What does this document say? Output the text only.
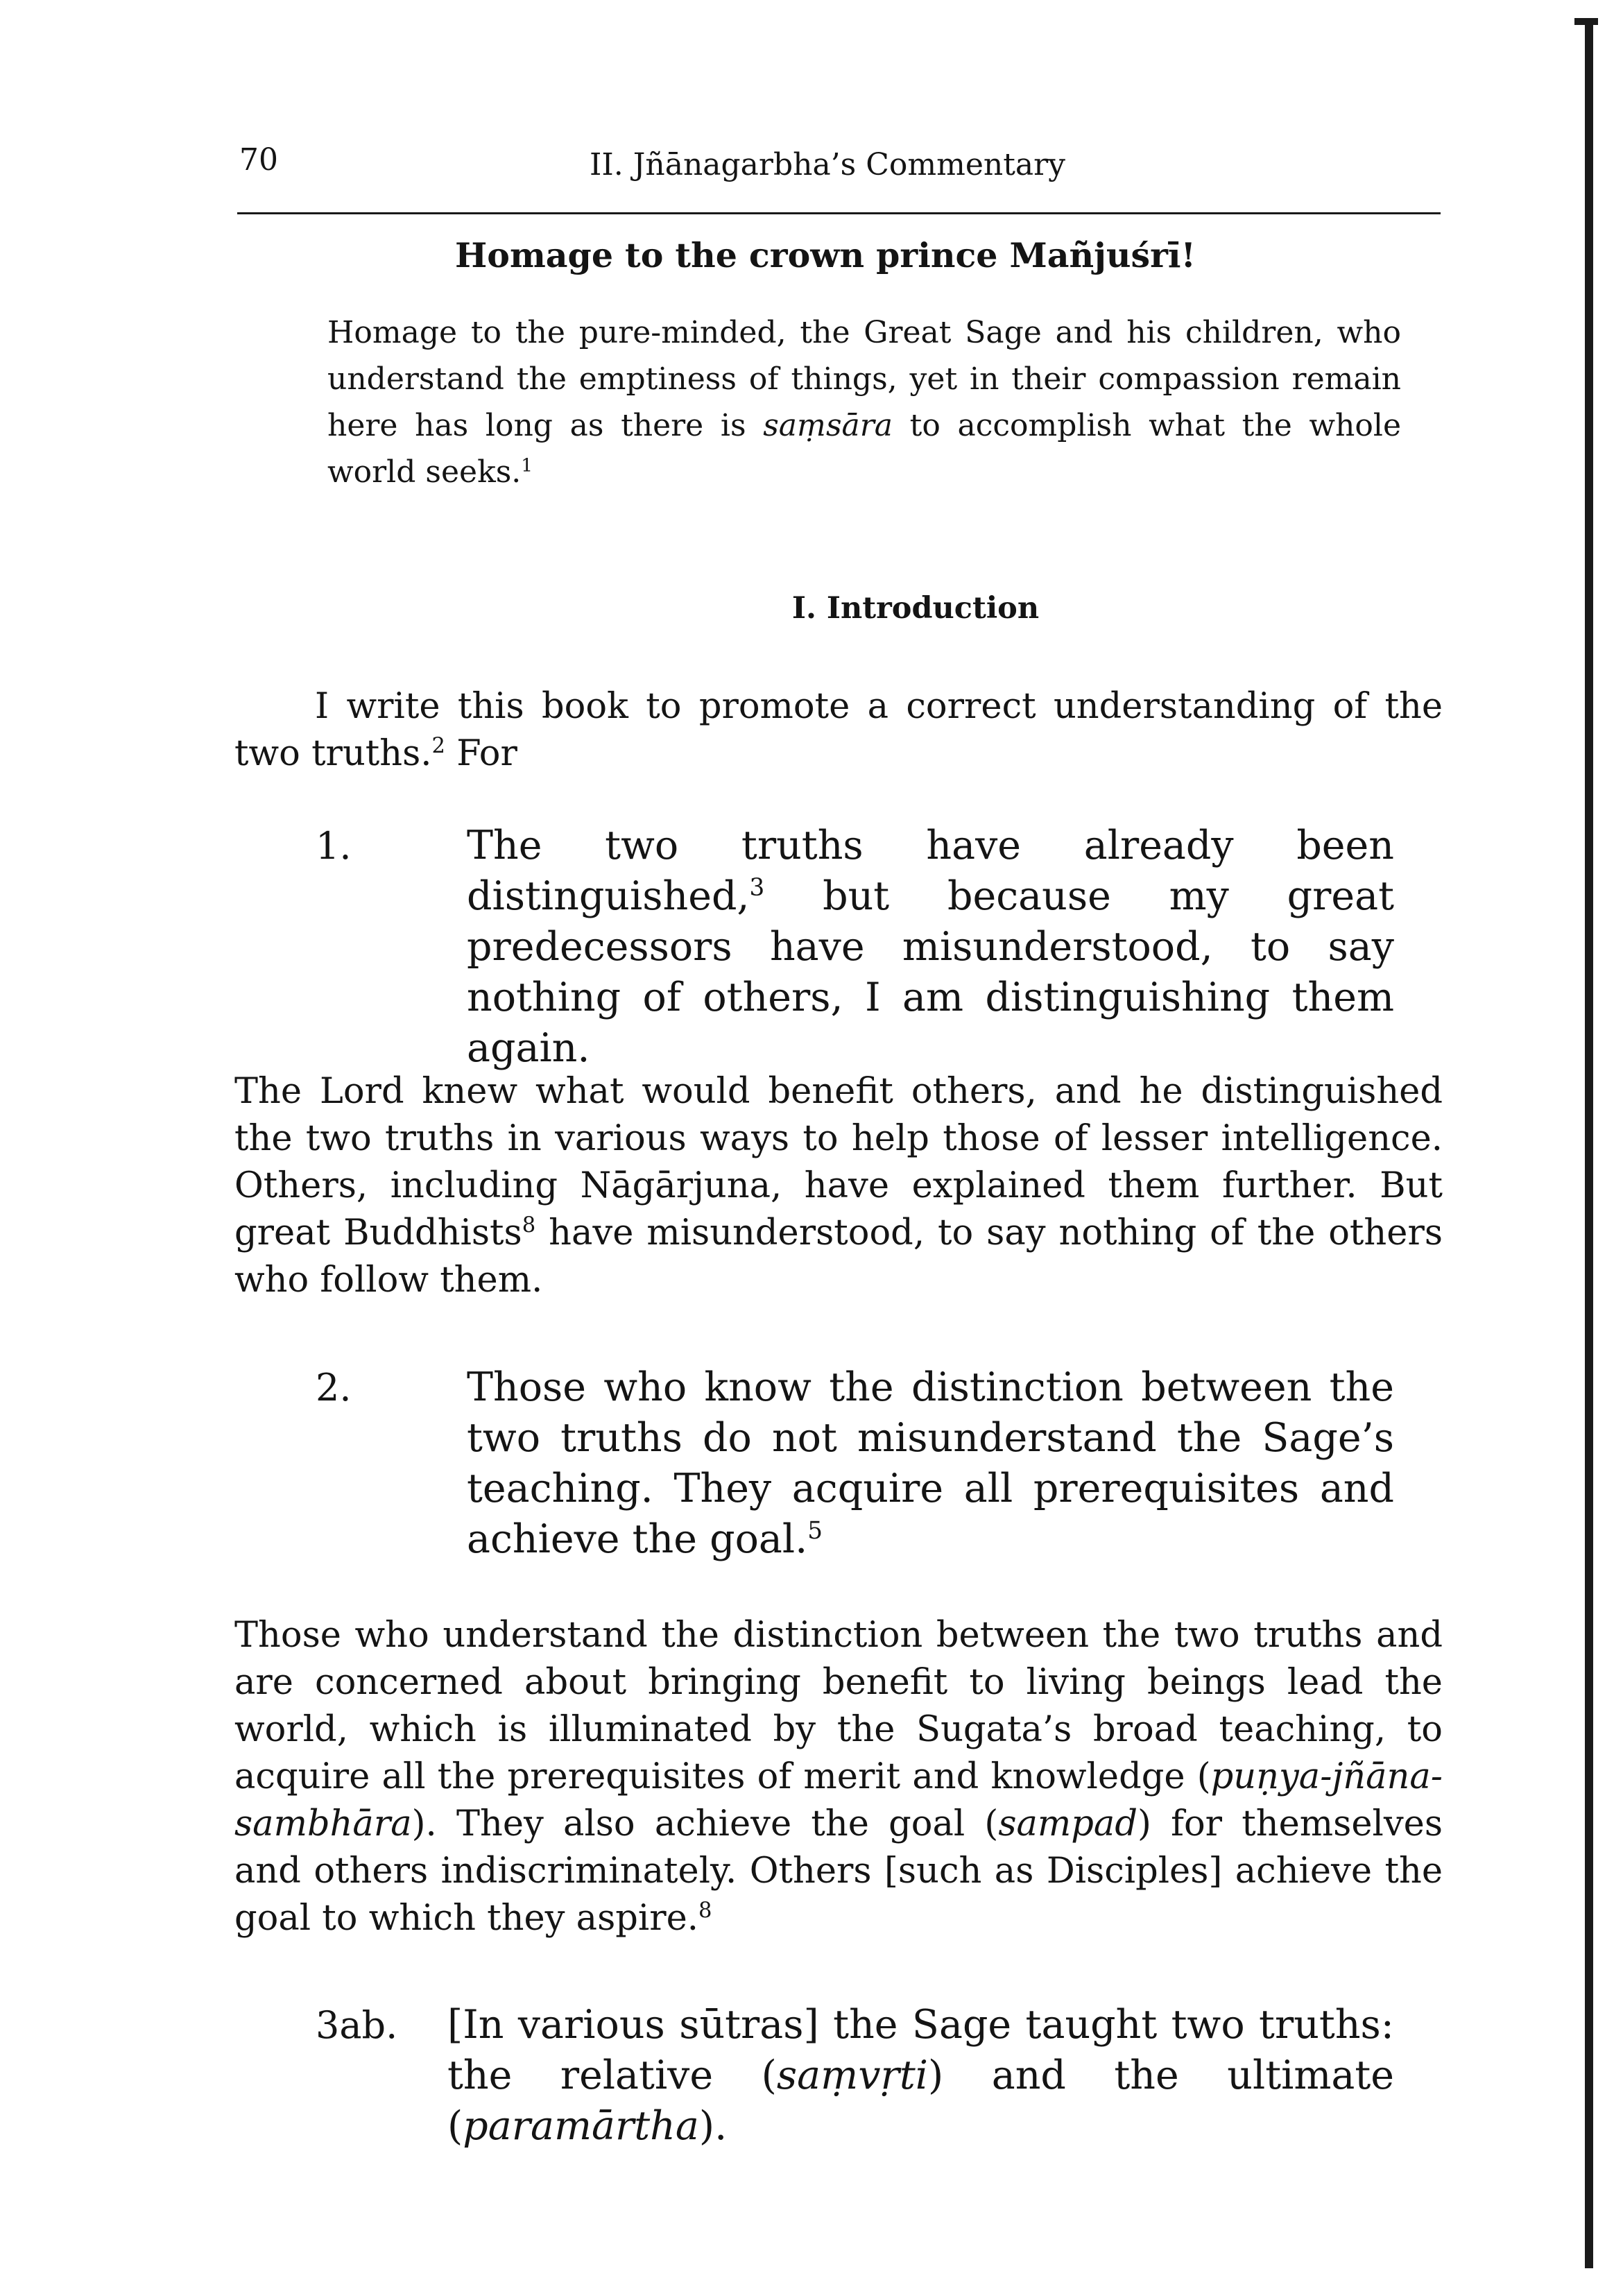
70	II. Jñānagarbha’s Commentary
Homage to the crown prince Mañjuśrī!
Homage to the pure-minded, the Great Sage and his children, who understand the emptiness of things, yet in their compassion remain here has long as there is saṃsāra to accomplish what the whole world seeks.$^1$
I. Introduction
I write this book to promote a correct understanding of the two truths.$^2$ For
1.	The two truths have already been distinguished,$^3$ but because my great predecessors have misunderstood, to say nothing of others, I am distinguishing them again.
The Lord knew what would benefit others, and he distinguished the two truths in various ways to help those of lesser intelligence. Others, including Nāgārjuna, have explained them further. But great Buddhists$^8$ have misunderstood, to say nothing of the others who follow them.
2.	Those who know the distinction between the two truths do not misunderstand the Sage’s teaching. They acquire all prerequisites and achieve the goal.$^5$
Those who understand the distinction between the two truths and are concerned about bringing benefit to living beings lead the world, which is illuminated by the Sugata’s broad teaching, to acquire all the prerequisites of merit and knowledge (puṇya-jñāna-sambhāra). They also achieve the goal (sampad) for themselves and others indiscriminately. Others [such as Disciples] achieve the goal to which they aspire.$^8$
3ab. [In various sūtras] the Sage taught two truths: the relative (saṃvṛti) and the ultimate (paramārtha).
